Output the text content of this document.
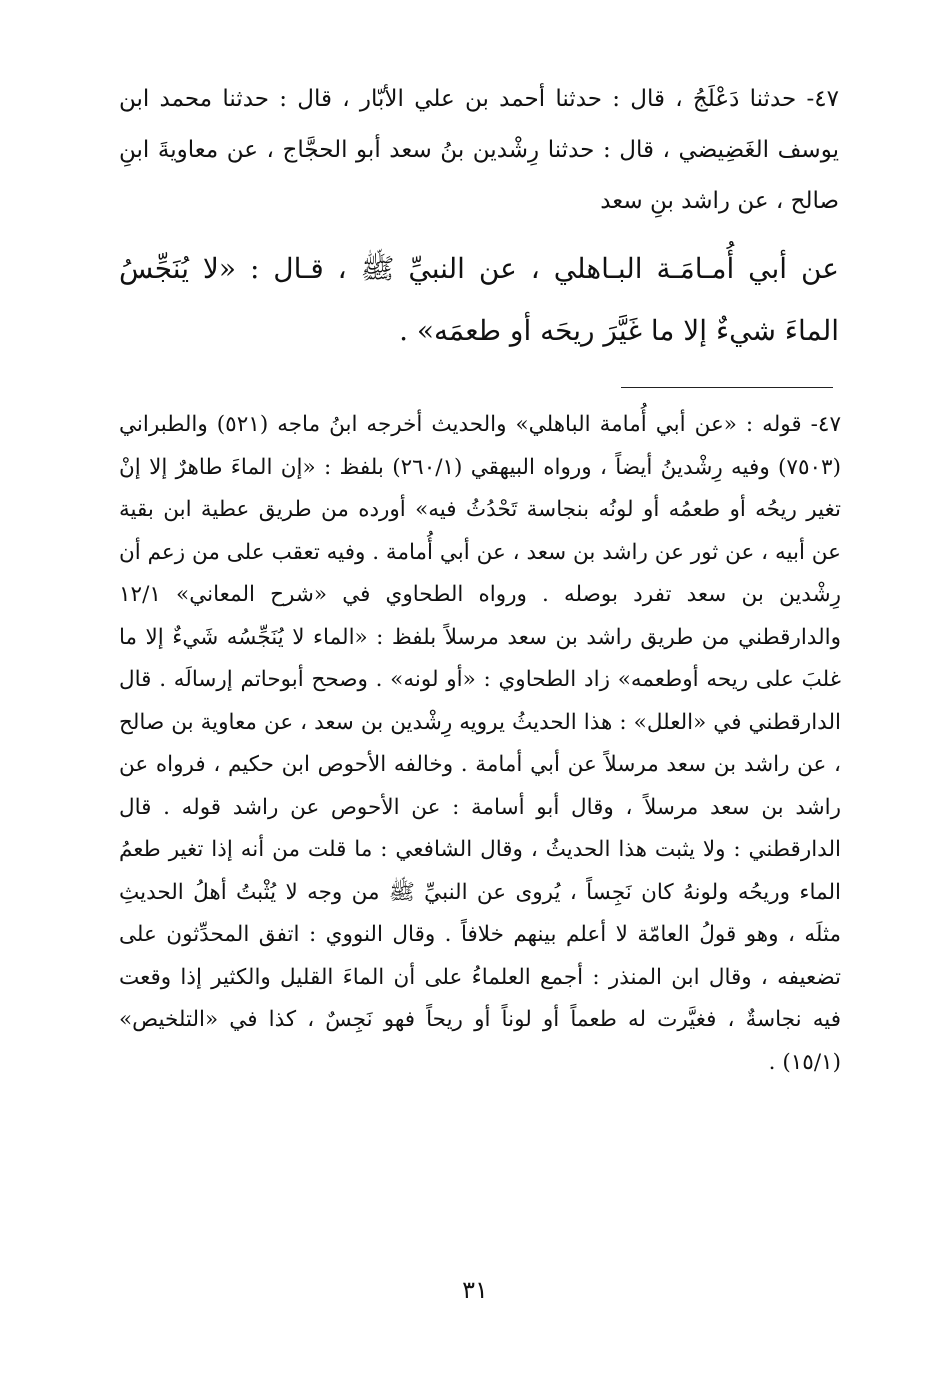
٤٧- حدثنا دَعْلَجُ ، قال : حدثنا أحمد بن علي الأبّار ، قال : حدثنا محمد ابن يوسف الغَضِيضي ، قال : حدثنا رِشْدين بنُ سعد أبو الحجَّاج ، عن معاويةَ ابنِ صالح ، عن راشد بنِ سعد

عن أبي أُمـامَـة البـاهلي ، عن النبيِّ ﷺ ، قـال : «لا يُنَجِّسُ الماءَ شيءٌ إلا ما غَيَّرَ ريحَه أو طعمَه» .

٤٧- قوله : «عن أبي أُمامة الباهلي» والحديث أخرجه ابنُ ماجه (٥٢١) والطبراني (٧٥٠٣) وفيه رِشْدينُ أيضاً ، ورواه البيهقي (٢٦٠/١) بلفظ : «إن الماءَ طاهرٌ إلا إنْ تغير ريحُه أو طعمُه أو لونُه بنجاسة تَحْدُثُ فيه» أورده من طريق عطية ابن بقية عن أبيه ، عن ثور عن راشد بن سعد ، عن أبي أُمامة . وفيه تعقب على من زعم أن رِشْدين بن سعد تفرد بوصله . ورواه الطحاوي في «شرح المعاني» ١٢/١ والدارقطني من طريق راشد بن سعد مرسلاً بلفظ : «الماء لا يُنَجِّسُه شَيءٌ إلا ما غلبَ على ريحه أوطعمه» زاد الطحاوي : «أو لونه» . وصحح أبوحاتم إرسالَه . قال الدارقطني في «العلل» : هذا الحديثُ يرويه رِشْدين بن سعد ، عن معاوية بن صالح ، عن راشد بن سعد مرسلاً عن أبي أمامة . وخالفه الأحوص ابن حكيم ، فرواه عن راشد بن سعد مرسلاً ، وقال أبو أسامة : عن الأحوص عن راشد قوله . قال الدارقطني : ولا يثبت هذا الحديثُ ، وقال الشافعي : ما قلت من أنه إذا تغير طعمُ الماء وريحُه ولونهُ كان نَجِساً ، يُروى عن النبيِّ ﷺ من وجه لا يُثْبتُ أهلُ الحديثِ مثلَه ، وهو قولُ العامّة لا أعلم بينهم خلافاً . وقال النووي : اتفق المحدِّثون على تضعيفه ، وقال ابن المنذر : أجمع العلماءُ على أن الماءَ القليل والكثير إذا وقعت فيه نجاسةٌ ، فغيَّرت له طعماً أو لوناً أو ريحاً فهو نَجِسٌ ، كذا في «التلخيص» (١٥/١) .

٣١
